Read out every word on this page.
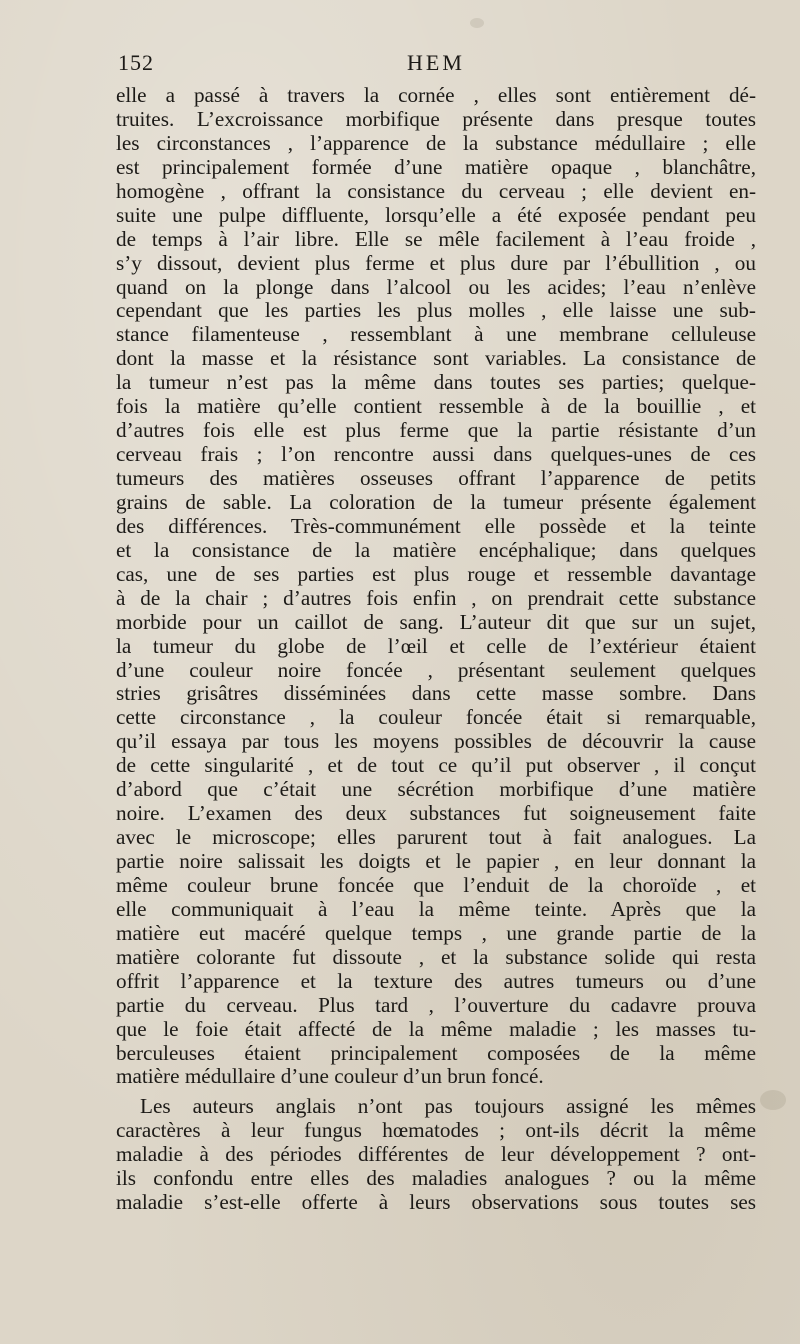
152	HEM
elle a passé à travers la cornée , elles sont entièrement dé-
truites. L’excroissance morbifique présente dans presque toutes
les circonstances , l’apparence de la substance médullaire ; elle
est principalement formée d’une matière opaque , blanchâtre,
homogène , offrant la consistance du cerveau ; elle devient en-
suite une pulpe diffluente, lorsqu’elle a été exposée pendant peu
de temps à l’air libre. Elle se mêle facilement à l’eau froide ,
s’y dissout, devient plus ferme et plus dure par l’ébullition , ou
quand on la plonge dans l’alcool ou les acides; l’eau n’enlève
cependant que les parties les plus molles , elle laisse une sub-
stance filamenteuse , ressemblant à une membrane celluleuse
dont la masse et la résistance sont variables. La consistance de
la tumeur n’est pas la même dans toutes ses parties; quelque-
fois la matière qu’elle contient ressemble à de la bouillie , et
d’autres fois elle est plus ferme que la partie résistante d’un
cerveau frais ; l’on rencontre aussi dans quelques-unes de ces
tumeurs des matières osseuses offrant l’apparence de petits
grains de sable. La coloration de la tumeur présente également
des différences. Très-communément elle possède et la teinte
et la consistance de la matière encéphalique; dans quelques
cas, une de ses parties est plus rouge et ressemble davantage
à de la chair ; d’autres fois enfin , on prendrait cette substance
morbide pour un caillot de sang. L’auteur dit que sur un sujet,
la tumeur du globe de l’œil et celle de l’extérieur étaient
d’une couleur noire foncée , présentant seulement quelques
stries grisâtres disséminées dans cette masse sombre. Dans
cette circonstance , la couleur foncée était si remarquable,
qu’il essaya par tous les moyens possibles de découvrir la cause
de cette singularité , et de tout ce qu’il put observer , il conçut
d’abord que c’était une sécrétion morbifique d’une matière
noire. L’examen des deux substances fut soigneusement faite
avec le microscope; elles parurent tout à fait analogues. La
partie noire salissait les doigts et le papier , en leur donnant la
même couleur brune foncée que l’enduit de la choroïde , et
elle communiquait à l’eau la même teinte. Après que la
matière eut macéré quelque temps , une grande partie de la
matière colorante fut dissoute , et la substance solide qui resta
offrit l’apparence et la texture des autres tumeurs ou d’une
partie du cerveau. Plus tard , l’ouverture du cadavre prouva
que le foie était affecté de la même maladie ; les masses tu-
berculeuses étaient principalement composées de la même
matière médullaire d’une couleur d’un brun foncé.
Les auteurs anglais n’ont pas toujours assigné les mêmes
caractères à leur fungus hœmatodes ; ont-ils décrit la même
maladie à des périodes différentes de leur développement ? ont-
ils confondu entre elles des maladies analogues ? ou la même
maladie s’est-elle offerte à leurs observations sous toutes ses
